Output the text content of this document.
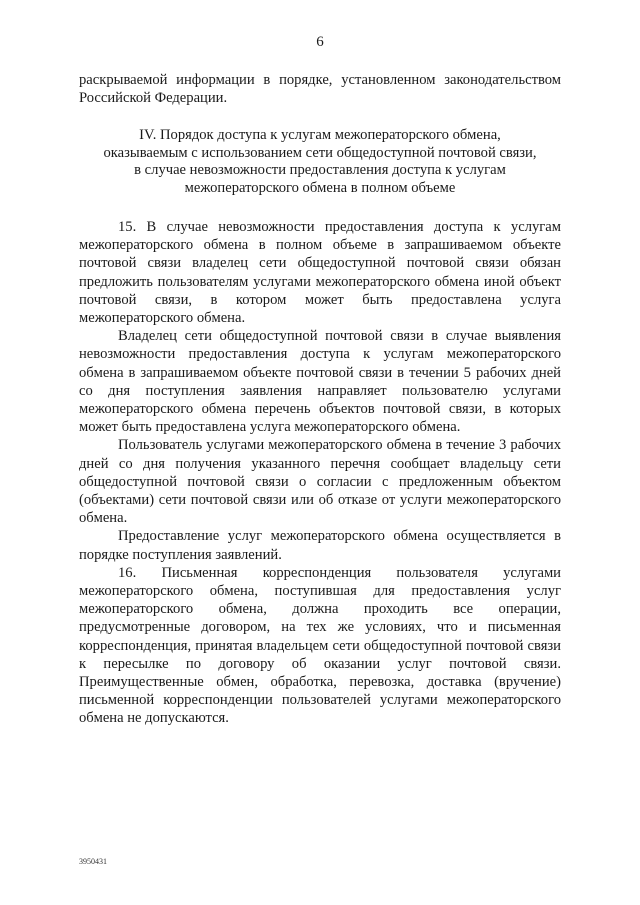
6
раскрываемой информации в порядке, установленном законодательством Российской Федерации.
IV. Порядок доступа к услугам межоператорского обмена,
оказываемым с использованием сети общедоступной почтовой связи,
в случае невозможности предоставления доступа к услугам
межоператорского обмена в полном объеме

15. В случае невозможности предоставления доступа к услугам межоператорского обмена в полном объеме в запрашиваемом объекте почтовой связи владелец сети общедоступной почтовой связи обязан предложить пользователям услугами межоператорского обмена иной объект почтовой связи, в котором может быть предоставлена услуга межоператорского обмена.

Владелец сети общедоступной почтовой связи в случае выявления невозможности предоставления доступа к услугам межоператорского обмена в запрашиваемом объекте почтовой связи в течении 5 рабочих дней со дня поступления заявления направляет пользователю услугами межоператорского обмена перечень объектов почтовой связи, в которых может быть предоставлена услуга межоператорского обмена.

Пользователь услугами межоператорского обмена в течение 3 рабочих дней со дня получения указанного перечня сообщает владельцу сети общедоступной почтовой связи о согласии с предложенным объектом (объектами) сети почтовой связи или об отказе от услуги межоператорского обмена.

Предоставление услуг межоператорского обмена осуществляется в порядке поступления заявлений.

16. Письменная корреспонденция пользователя услугами межоператорского обмена, поступившая для предоставления услуг межоператорского обмена, должна проходить все операции, предусмотренные договором, на тех же условиях, что и письменная корреспонденция, принятая владельцем сети общедоступной почтовой связи к пересылке по договору об оказании услуг почтовой связи. Преимущественные обмен, обработка, перевозка, доставка (вручение) письменной корреспонденции пользователей услугами межоператорского обмена не допускаются.

3950431
